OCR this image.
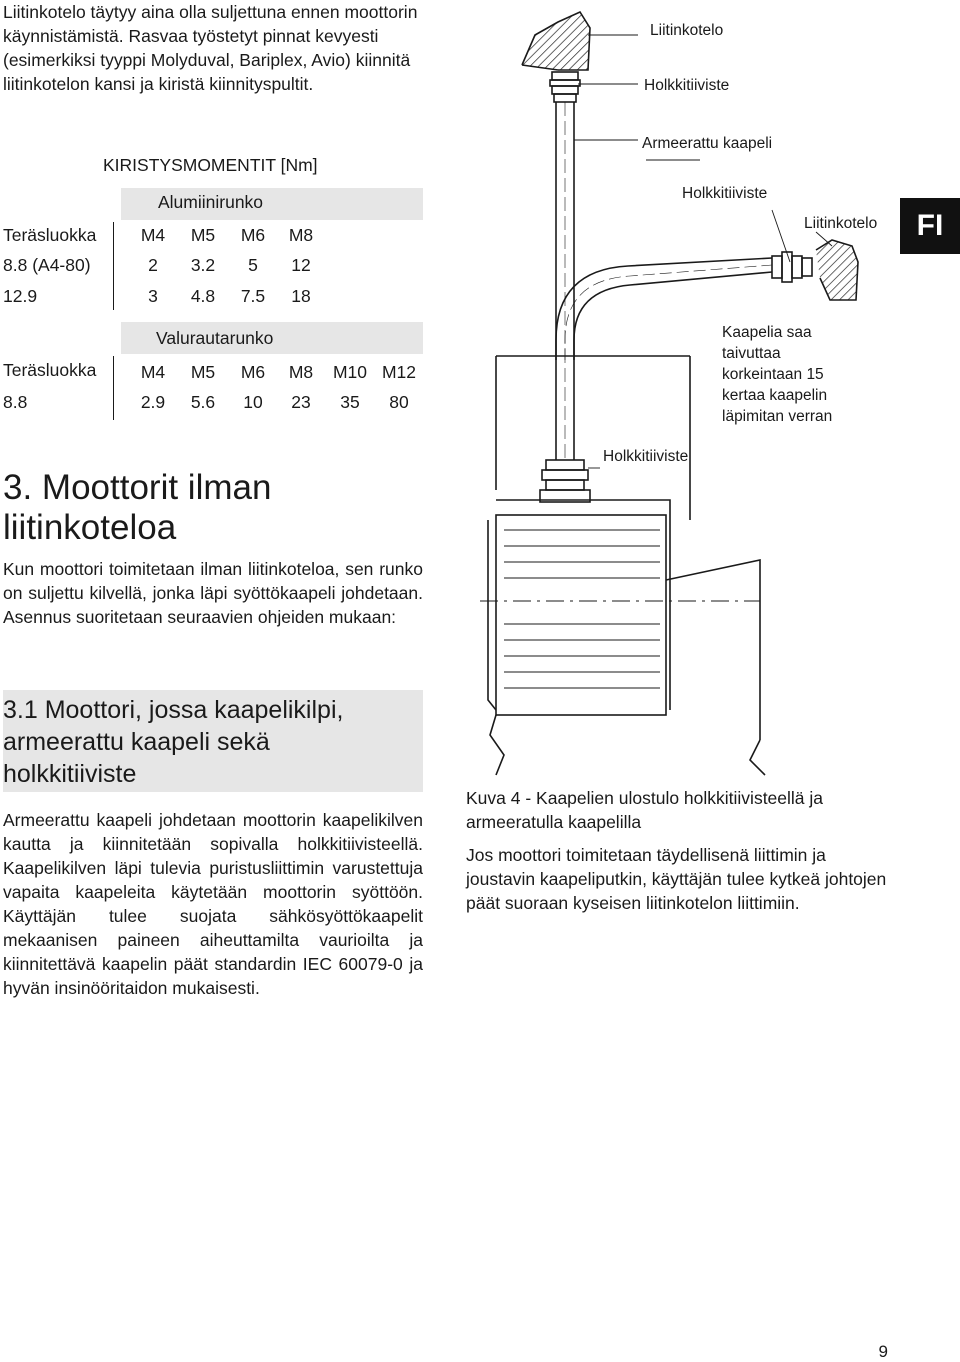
Liitinkotelo täytyy aina olla suljettuna ennen moottorin käynnistämistä. Rasvaa työstetyt pinnat kevyesti (esimerkiksi tyyppi Molyduval, Bariplex, Avio) kiinnitä liitinkotelon kansi ja kiristä kiinnityspultit.
KIRISTYSMOMENTIT [Nm]
Alumiinirunko
Teräsluokka	M4	M5	M6	M8
8.8 (A4-80)	2	3.2	5	12
12.9	3	4.8	7.5	18
Valurautarunko
Teräsluokka	M4	M5	M6	M8	M10 M12
8.8	2.9	5.6	10	23	35	80
3. Moottorit ilman liitinkoteloa
Kun moottori toimitetaan ilman liitinkoteloa, sen runko on suljettu kilvellä, jonka läpi syöttökaapeli johdetaan. Asennus suoritetaan seuraavien ohjeiden mukaan:
3.1 Moottori, jossa kaapelikilpi, armeerattu kaapeli sekä holkkitiiviste
Armeerattu kaapeli johdetaan moottorin kaapelikilven kautta ja kiinnitetään sopivalla holkkitiivisteellä. Kaapelikilven läpi tulevia puristusliittimin varustettuja vapaita kaapeleita käytetään moottorin syöttöön. Käyttäjän tulee suojata sähkösyöttökaapelit mekaanisen paineen aiheuttamilta vaurioilta ja kiinnitettävä kaapelin päät standardin IEC 60079-0 ja hyvän insinööritaidon mukaisesti.
Liitinkotelo
Holkkitiiviste
Armeerattu kaapeli
Holkkitiiviste
Liitinkotelo
Kaapelia saa
taivuttaa
korkeintaan 15
kertaa kaapelin
läpimitan verran
Holkkitiiviste
FI
Kuva 4 - Kaapelien ulostulo holkkitiivisteellä ja armeeratulla kaapelilla
Jos moottori toimitetaan täydellisenä liittimin ja joustavin kaapeliputkin, käyttäjän tulee kytkeä johtojen päät suoraan kyseisen liitinkotelon liittimiin.
9
